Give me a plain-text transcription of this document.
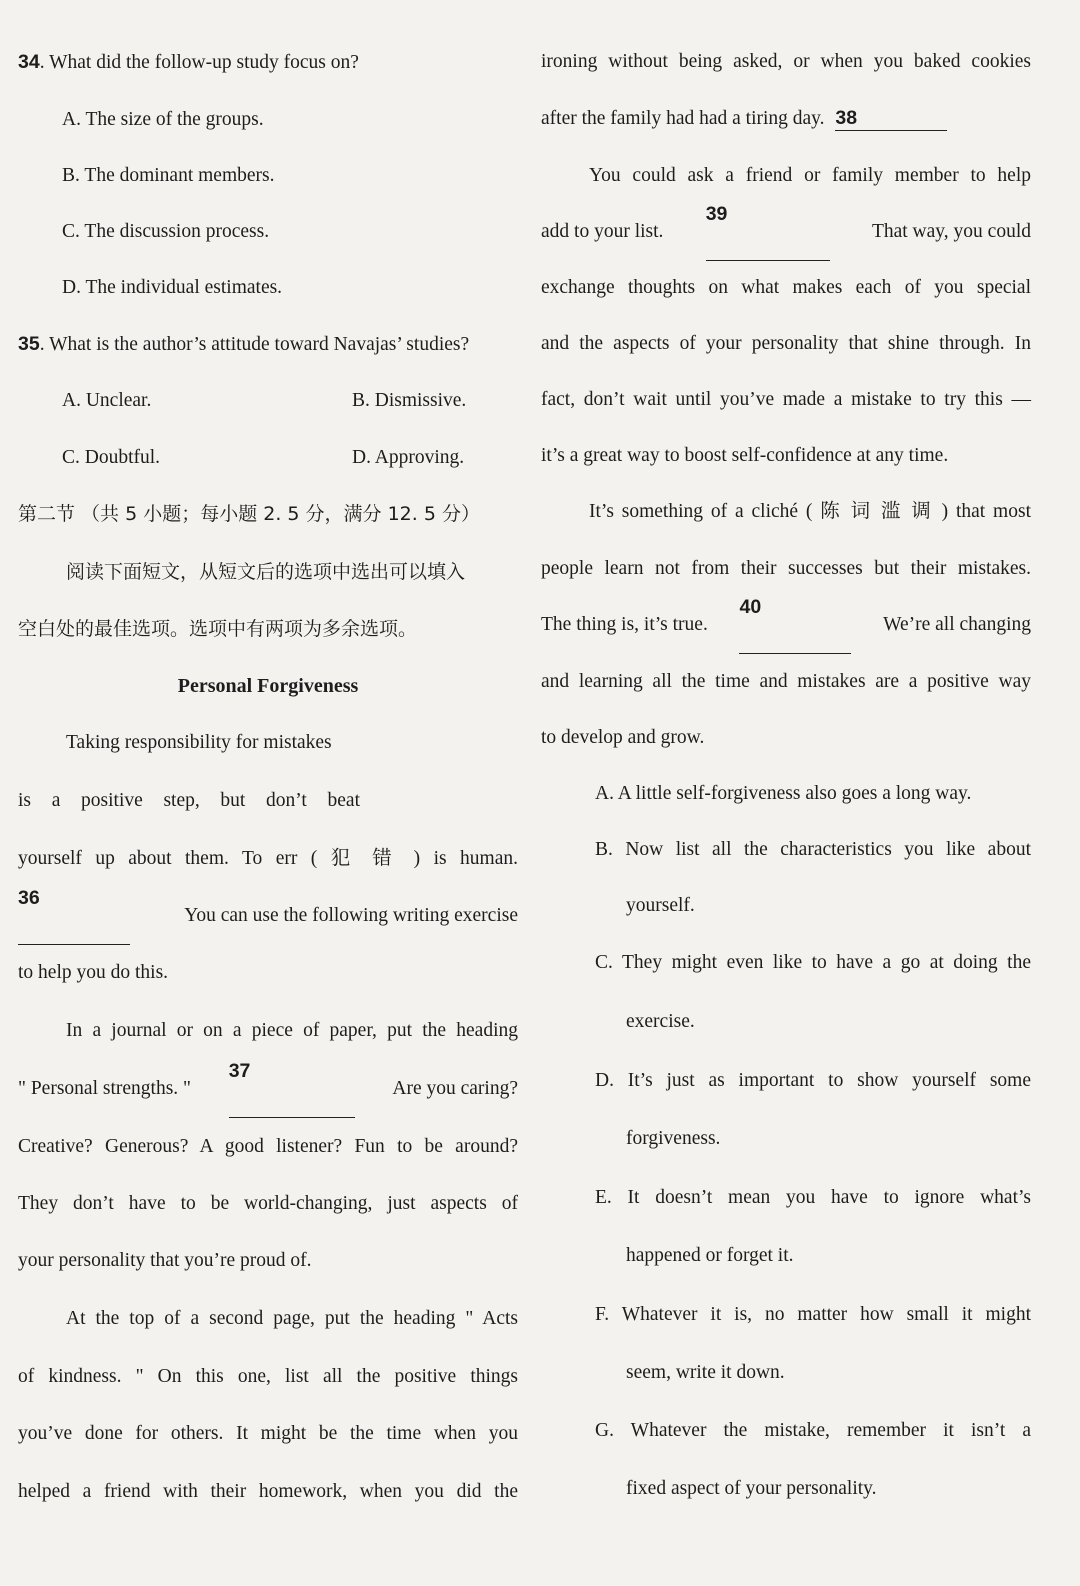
34. What did the follow-up study focus on?
A. The size of the groups.
B. The dominant members.
C. The discussion process.
D. The individual estimates.
35. What is the author’s attitude toward Navajas’ studies?
A. Unclear.	B. Dismissive.
C. Doubtful.	D. Approving.
第二节 （共 5 小题；每小题 2. 5 分，满分 12. 5 分）
阅读下面短文，从短文后的选项中选出可以填入
空白处的最佳选项。选项中有两项为多余选项。
Personal Forgiveness
Taking responsibility for mistakes
is a positive step, but don’t beat
yourself up about them. To err ( 犯 错 ) is human.
36
You can use the following writing exercise
to help you do this.
In a journal or on a piece of paper, put the heading
" Personal strengths. "
37
Are you caring?
Creative? Generous? A good listener? Fun to be around?
They don’t have to be world-changing, just aspects of
your personality that you’re proud of.
At the top of a second page, put the heading " Acts
of kindness. " On this one, list all the positive things
you’ve done for others. It might be the time when you
helped a friend with their homework, when you did the
ironing without being asked, or when you baked cookies
after the family had had a tiring day. 38
You could ask a friend or family member to help
add to your list.
39
That way, you could
exchange thoughts on what makes each of you special
and the aspects of your personality that shine through. In
fact, don’t wait until you’ve made a mistake to try this —
it’s a great way to boost self-confidence at any time.
It’s something of a cliché ( 陈 词 滥 调 ) that most
people learn not from their successes but their mistakes.
The thing is, it’s true.
40
We’re all changing
and learning all the time and mistakes are a positive way
to develop and grow.
A. A little self-forgiveness also goes a long way.
B. Now list all the characteristics you like about
yourself.
C. They might even like to have a go at doing the
exercise.
D. It’s just as important to show yourself some
forgiveness.
E. It doesn’t mean you have to ignore what’s
happened or forget it.
F. Whatever it is, no matter how small it might
seem, write it down.
G. Whatever the mistake, remember it isn’t a
fixed aspect of your personality.
